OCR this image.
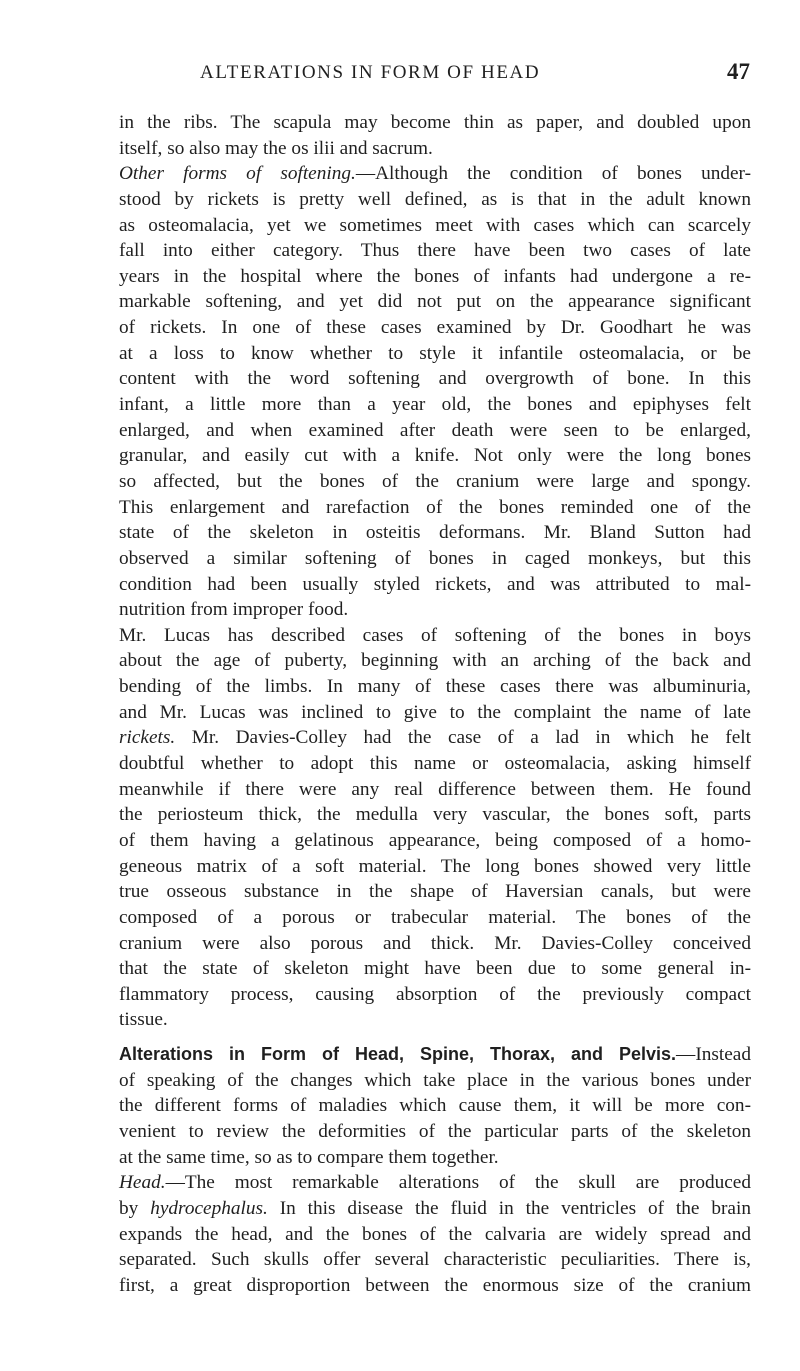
ALTERATIONS IN FORM OF HEAD	47
in the ribs. The scapula may become thin as paper, and doubled upon
itself, so also may the os ilii and sacrum.
Other forms of softening.—Although the condition of bones under-
stood by rickets is pretty well defined, as is that in the adult known
as osteomalacia, yet we sometimes meet with cases which can scarcely
fall into either category. Thus there have been two cases of late
years in the hospital where the bones of infants had undergone a re-
markable softening, and yet did not put on the appearance significant
of rickets. In one of these cases examined by Dr. Goodhart he was
at a loss to know whether to style it infantile osteomalacia, or be
content with the word softening and overgrowth of bone. In this
infant, a little more than a year old, the bones and epiphyses felt
enlarged, and when examined after death were seen to be enlarged,
granular, and easily cut with a knife. Not only were the long bones
so affected, but the bones of the cranium were large and spongy.
This enlargement and rarefaction of the bones reminded one of the
state of the skeleton in osteitis deformans. Mr. Bland Sutton had
observed a similar softening of bones in caged monkeys, but this
condition had been usually styled rickets, and was attributed to mal-
nutrition from improper food.
Mr. Lucas has described cases of softening of the bones in boys
about the age of puberty, beginning with an arching of the back and
bending of the limbs. In many of these cases there was albuminuria,
and Mr. Lucas was inclined to give to the complaint the name of late
rickets. Mr. Davies-Colley had the case of a lad in which he felt
doubtful whether to adopt this name or osteomalacia, asking himself
meanwhile if there were any real difference between them. He found
the periosteum thick, the medulla very vascular, the bones soft, parts
of them having a gelatinous appearance, being composed of a homo-
geneous matrix of a soft material. The long bones showed very little
true osseous substance in the shape of Haversian canals, but were
composed of a porous or trabecular material. The bones of the
cranium were also porous and thick. Mr. Davies-Colley conceived
that the state of skeleton might have been due to some general in-
flammatory process, causing absorption of the previously compact
tissue.
Alterations in Form of Head, Spine, Thorax, and Pelvis.—Instead
of speaking of the changes which take place in the various bones under
the different forms of maladies which cause them, it will be more con-
venient to review the deformities of the particular parts of the skeleton
at the same time, so as to compare them together.
Head.—The most remarkable alterations of the skull are produced
by hydrocephalus. In this disease the fluid in the ventricles of the brain
expands the head, and the bones of the calvaria are widely spread and
separated. Such skulls offer several characteristic peculiarities. There is,
first, a great disproportion between the enormous size of the cranium
